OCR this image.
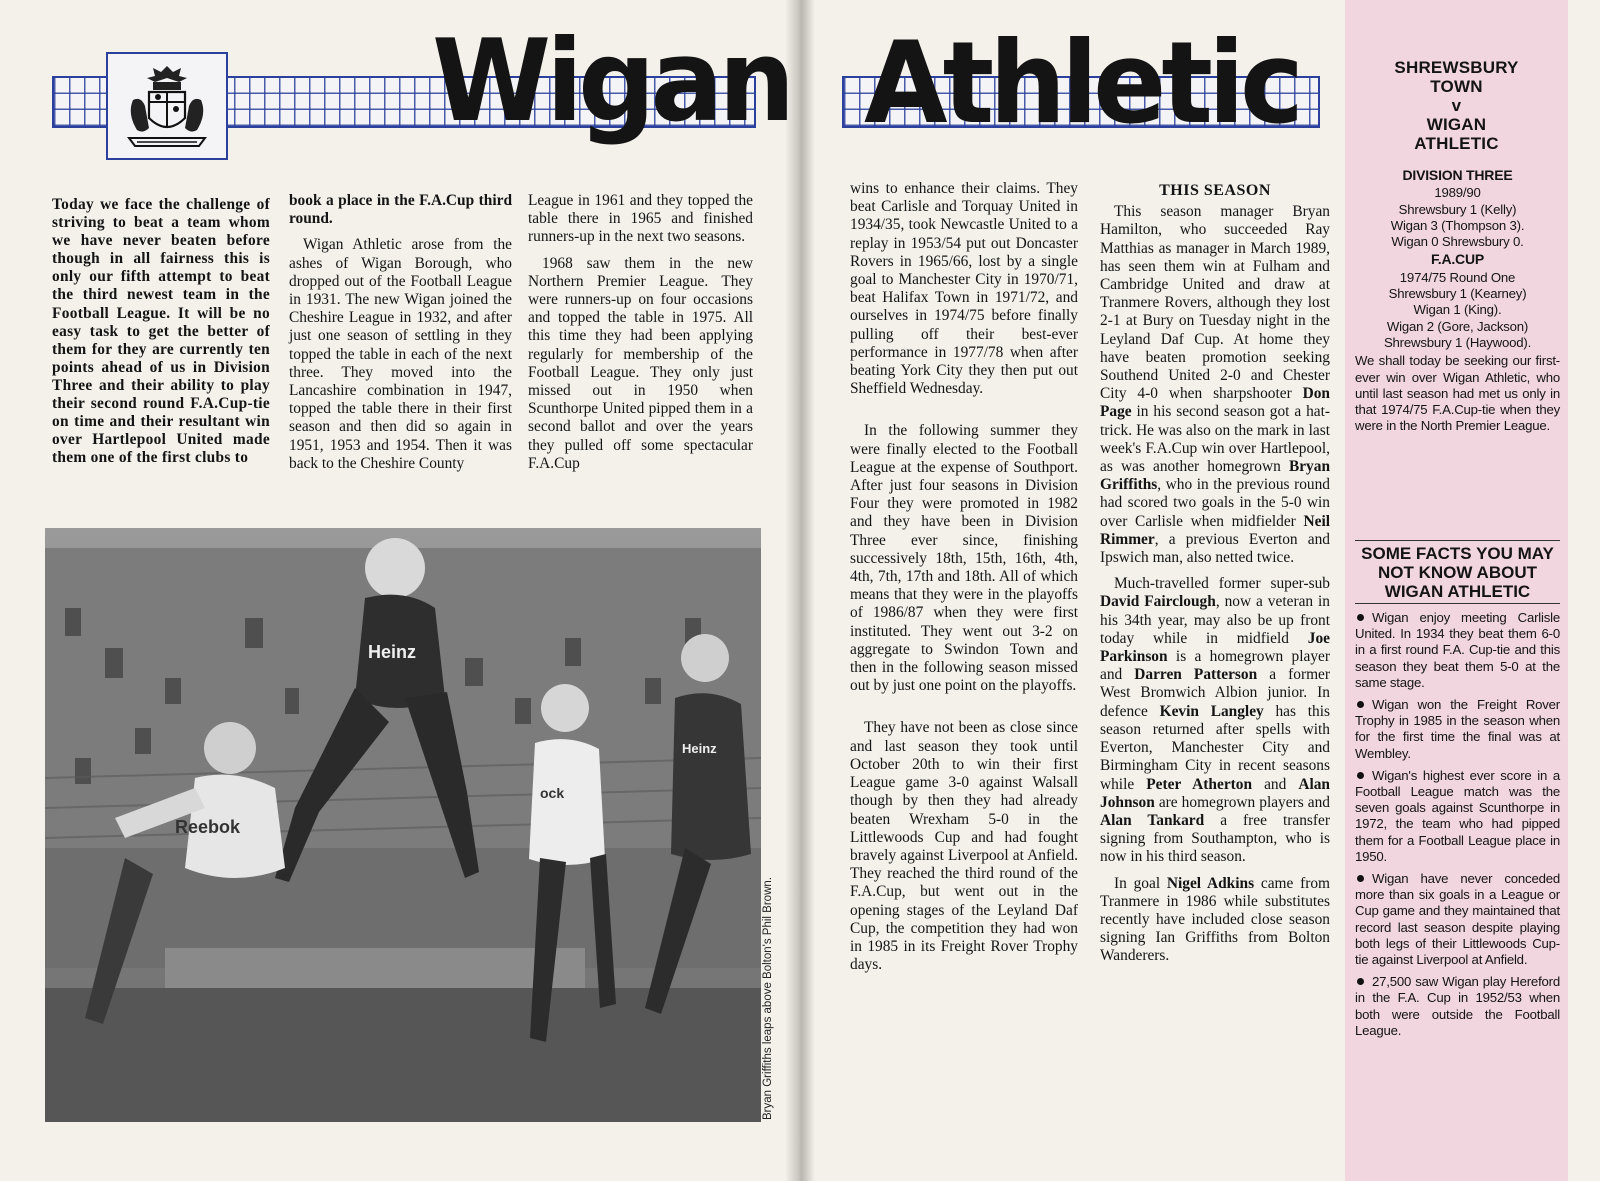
Wigan Athletic

Today we face the challenge of striving to beat a team whom we have never beaten before though in all fairness this is only our fifth attempt to beat the third newest team in the Football League. It will be no easy task to get the better of them for they are currently ten points ahead of us in Division Three and their ability to play their second round F.A.Cup-tie on time and their resultant win over Hartlepool United made them one of the first clubs to

book a place in the F.A.Cup third round.

Wigan Athletic arose from the ashes of Wigan Borough, who dropped out of the Football League in 1931. The new Wigan joined the Cheshire League in 1932, and after just one season of settling in they topped the table in each of the next three. They moved into the Lancashire combination in 1947, topped the table there in their first season and then did so again in 1951, 1953 and 1954. Then it was back to the Cheshire County

League in 1961 and they topped the table there in 1965 and finished runners-up in the next two seasons.

1968 saw them in the new Northern Premier League. They were runners-up on four occasions and topped the table in 1975. All this time they had been applying regularly for membership of the Football League. They only just missed out in 1950 when Scunthorpe United pipped them in a second ballot and over the years they pulled off some spectacular F.A.Cup

Heinz
Heinz
Reebok
ock
Bryan Griffiths leaps above Bolton's Phil Brown.

wins to enhance their claims. They beat Carlisle and Torquay United in 1934/35, took Newcastle United to a replay in 1953/54 put out Doncaster Rovers in 1965/66, lost by a single goal to Manchester City in 1970/71, beat Halifax Town in 1971/72, and ourselves in 1974/75 before finally pulling off their best-ever performance in 1977/78 when after beating York City they then put out Sheffield Wednesday.

In the following summer they were finally elected to the Football League at the expense of Southport. After just four seasons in Division Four they were promoted in 1982 and they have been in Division Three ever since, finishing successively 18th, 15th, 16th, 4th, 4th, 7th, 17th and 18th. All of which means that they were in the playoffs of 1986/87 when they were first instituted. They went out 3-2 on aggregate to Swindon Town and then in the following season missed out by just one point on the playoffs.

They have not been as close since and last season they took until October 20th to win their first League game 3-0 against Walsall though by then they had already beaten Wrexham 5-0 in the Littlewoods Cup and had fought bravely against Liverpool at Anfield. They reached the third round of the F.A.Cup, but went out in the opening stages of the Leyland Daf Cup, the competition they had won in 1985 in its Freight Rover Trophy days.

THIS SEASON

This season manager Bryan Hamilton, who succeeded Ray Matthias as manager in March 1989, has seen them win at Fulham and Cambridge United and draw at Tranmere Rovers, although they lost 2-1 at Bury on Tuesday night in the Leyland Daf Cup. At home they have beaten promotion seeking Southend United 2-0 and Chester City 4-0 when sharpshooter Don Page in his second season got a hat-trick. He was also on the mark in last week's F.A.Cup win over Hartlepool, as was another homegrown Bryan Griffiths, who in the previous round had scored two goals in the 5-0 win over Carlisle when midfielder Neil Rimmer, a previous Everton and Ipswich man, also netted twice.

Much-travelled former super-sub David Fairclough, now a veteran in his 34th year, may also be up front today while in midfield Joe Parkinson is a homegrown player and Darren Patterson a former West Bromwich Albion junior. In defence Kevin Langley has this season returned after spells with Everton, Manchester City and Birmingham City in recent seasons while Peter Atherton and Alan Johnson are homegrown players and Alan Tankard a free transfer signing from Southampton, who is now in his third season.

In goal Nigel Adkins came from Tranmere in 1986 while substitutes recently have included close season signing Ian Griffiths from Bolton Wanderers.

SHREWSBURY
TOWN
v
WIGAN
ATHLETIC
DIVISION THREE
1989/90
Shrewsbury 1 (Kelly)
Wigan 3 (Thompson 3).
Wigan 0 Shrewsbury 0.
F.A.CUP
1974/75 Round One
Shrewsbury 1 (Kearney)
Wigan 1 (King).
Wigan 2 (Gore, Jackson)
Shrewsbury 1 (Haywood).
We shall today be seeking our first-ever win over Wigan Athletic, who until last season had met us only in that 1974/75 F.A.Cup-tie when they were in the North Premier League.
SOME FACTS YOU MAY NOT KNOW ABOUT WIGAN ATHLETIC
Wigan enjoy meeting Carlisle United. In 1934 they beat them 6-0 in a first round F.A. Cup-tie and this season they beat them 5-0 at the same stage.
Wigan won the Freight Rover Trophy in 1985 in the season when for the first time the final was at Wembley.
Wigan's highest ever score in a Football League match was the seven goals against Scunthorpe in 1972, the team who had pipped them for a Football League place in 1950.
Wigan have never conceded more than six goals in a League or Cup game and they maintained that record last season despite playing both legs of their Littlewoods Cup-tie against Liverpool at Anfield.
27,500 saw Wigan play Hereford in the F.A. Cup in 1952/53 when both were outside the Football League.
